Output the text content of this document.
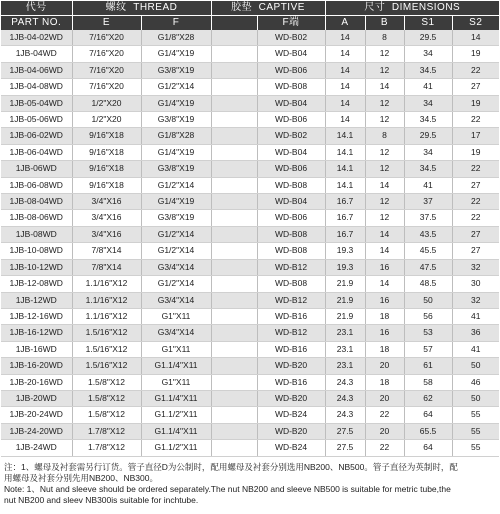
代号	螺纹 THREAD		胶垫 CAPTIVE		尺寸 DIMENSIONS			
PART NO.	E	F		F端	A	B	S1	S2
1JB-04-02WD	7/16"X20	G1/8"X28		WD-B02	14	8	29.5	14
1JB-04WD	7/16"X20	G1/4"X19		WD-B04	14	12	34	19
1JB-04-06WD	7/16"X20	G3/8"X19		WD-B06	14	12	34.5	22
1JB-04-08WD	7/16"X20	G1/2"X14		WD-B08	14	14	41	27
1JB-05-04WD	1/2"X20	G1/4"X19		WD-B04	14	12	34	19
1JB-05-06WD	1/2"X20	G3/8"X19		WD-B06	14	12	34.5	22
1JB-06-02WD	9/16"X18	G1/8"X28		WD-B02	14.1	8	29.5	17
1JB-06-04WD	9/16"X18	G1/4"X19		WD-B04	14.1	12	34	19
1JB-06WD	9/16"X18	G3/8"X19		WD-B06	14.1	12	34.5	22
1JB-06-08WD	9/16"X18	G1/2"X14		WD-B08	14.1	14	41	27
1JB-08-04WD	3/4"X16	G1/4"X19		WD-B04	16.7	12	37	22
1JB-08-06WD	3/4"X16	G3/8"X19		WD-B06	16.7	12	37.5	22
1JB-08WD	3/4"X16	G1/2"X14		WD-B08	16.7	14	43.5	27
1JB-10-08WD	7/8"X14	G1/2"X14		WD-B08	19.3	14	45.5	27
1JB-10-12WD	7/8"X14	G3/4"X14		WD-B12	19.3	16	47.5	32
1JB-12-08WD	1.1/16"X12	G1/2"X14		WD-B08	21.9	14	48.5	30
1JB-12WD	1.1/16"X12	G3/4"X14		WD-B12	21.9	16	50	32
1JB-12-16WD	1.1/16"X12	G1"X11		WD-B16	21.9	18	56	41
1JB-16-12WD	1.5/16"X12	G3/4"X14		WD-B12	23.1	16	53	36
1JB-16WD	1.5/16"X12	G1"X11		WD-B16	23.1	18	57	41
1JB-16-20WD	1.5/16"X12	G1.1/4"X11		WD-B20	23.1	20	61	50
1JB-20-16WD	1.5/8"X12	G1"X11		WD-B16	24.3	18	58	46
1JB-20WD	1.5/8"X12	G1.1/4"X11		WD-B20	24.3	20	62	50
1JB-20-24WD	1.5/8"X12	G1.1/2"X11		WD-B24	24.3	22	64	55
1JB-24-20WD	1.7/8"X12	G1.1/4"X11		WD-B20	27.5	20	65.5	55
1JB-24WD	1.7/8"X12	G1.1/2"X11		WD-B24	27.5	22	64	55
注：1、螺母及衬套需另行订货。管子直径D为公制时，配用螺母及衬套分别选用NB200、NB500。管子直径为英制时，配
用螺母及衬套分别先用NB200、NB300。
Note: 1、Nut and sleeve should be ordered separately.The nut NB200 and sleeve NB500 is suitable for metric tube,the
nut NB200 and sleev NB300is suitable for inchtube.
